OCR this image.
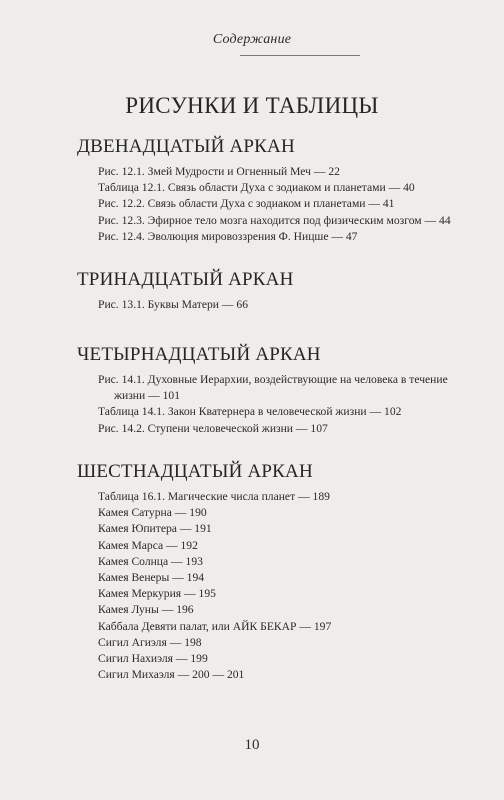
Содержание
РИСУНКИ И ТАБЛИЦЫ
ДВЕНАДЦАТЫЙ АРКАН
Рис. 12.1. Змей Мудрости и Огненный Меч — 22
Таблица 12.1. Связь области Духа с зодиаком и планетами — 40
Рис. 12.2. Связь области Духа с зодиаком и планетами — 41
Рис. 12.3. Эфирное тело мозга находится под физическим мозгом — 44
Рис. 12.4. Эволюция мировоззрения Ф. Ницше — 47
ТРИНАДЦАТЫЙ АРКАН
Рис. 13.1. Буквы Матери — 66
ЧЕТЫРНАДЦАТЫЙ АРКАН
Рис. 14.1. Духовные Иерархии, воздействующие на человека в течение
жизни — 101
Таблица 14.1. Закон Кватернера в человеческой жизни — 102
Рис. 14.2. Ступени человеческой жизни — 107
ШЕСТНАДЦАТЫЙ АРКАН
Таблица 16.1. Магические числа планет — 189
Камея Сатурна — 190
Камея Юпитера — 191
Камея Марса — 192
Камея Солнца — 193
Камея Венеры — 194
Камея Меркурия — 195
Камея Луны — 196
Каббала Девяти палат, или АЙК БЕКАР — 197
Сигил Агиэля — 198
Сигил Нахиэля — 199
Сигил Михаэля — 200 — 201
10
